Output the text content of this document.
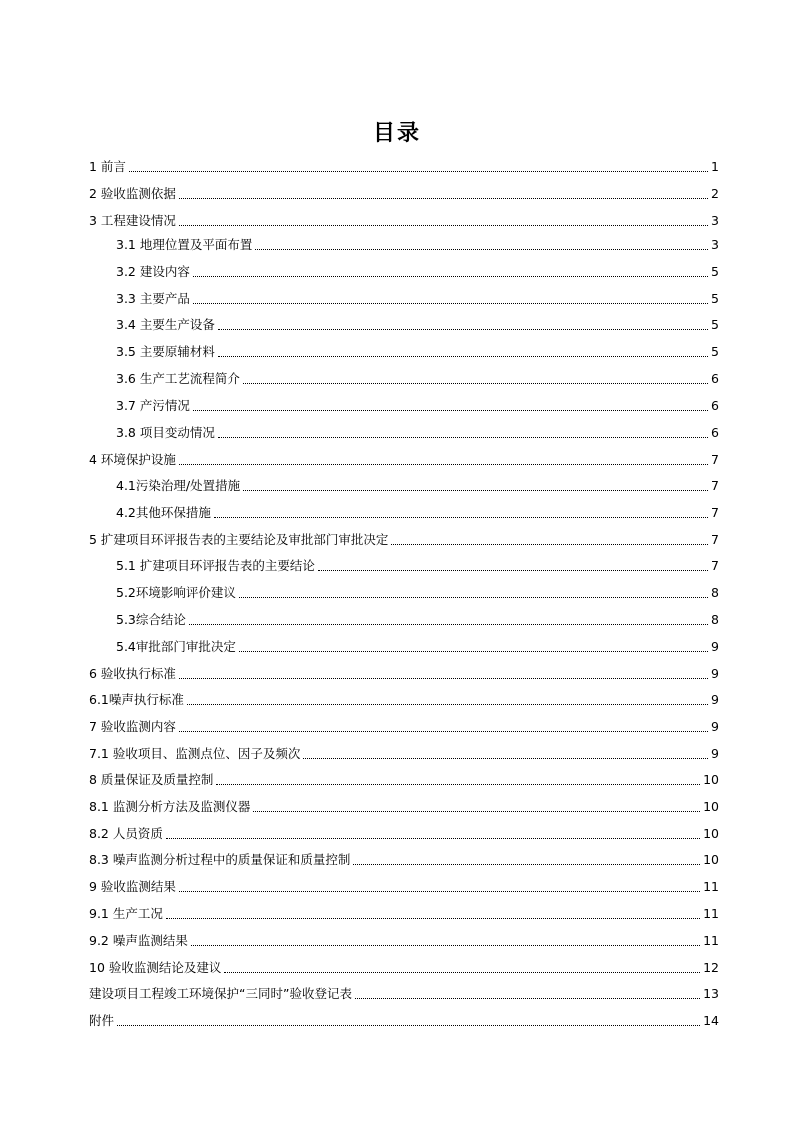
目录
1 前言	1
2 验收监测依据	2
3 工程建设情况	3
3.1 地理位置及平面布置	3
3.2 建设内容	5
3.3 主要产品	5
3.4 主要生产设备	5
3.5 主要原辅材料	5
3.6 生产工艺流程简介	6
3.7 产污情况	6
3.8 项目变动情况	6
4 环境保护设施	7
4.1污染治理/处置措施	7
4.2其他环保措施	7
5 扩建项目环评报告表的主要结论及审批部门审批决定	7
5.1 扩建项目环评报告表的主要结论	7
5.2环境影响评价建议	8
5.3综合结论	8
5.4审批部门审批决定	9
6 验收执行标准	9
6.1噪声执行标准	9
7 验收监测内容	9
7.1 验收项目、监测点位、因子及频次	9
8 质量保证及质量控制	10
8.1 监测分析方法及监测仪器	10
8.2 人员资质	10
8.3 噪声监测分析过程中的质量保证和质量控制	10
9 验收监测结果	11
9.1 生产工况	11
9.2 噪声监测结果	11
10 验收监测结论及建议	12
建设项目工程竣工环境保护“三同时”验收登记表	13
附件	14
